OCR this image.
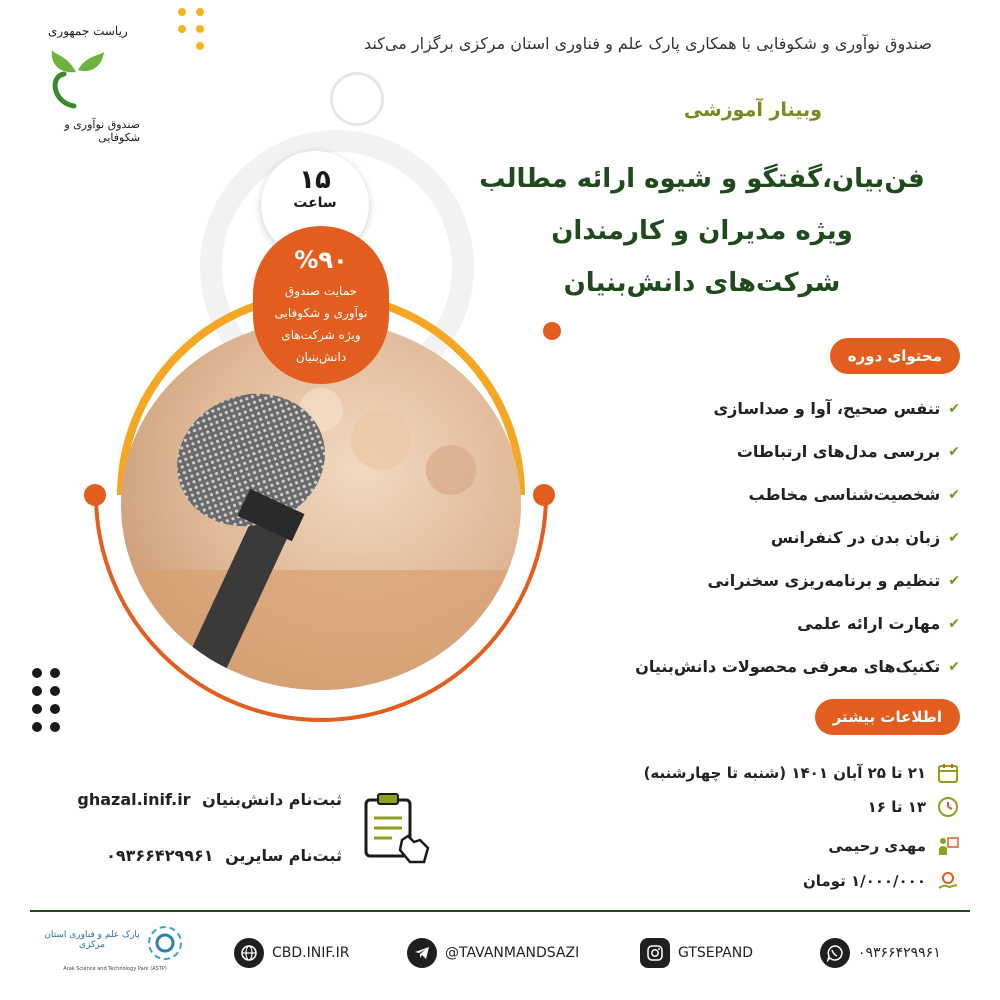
ریاست جمهوری
صندوق نوآوری و شکوفایی
صندوق نوآوری و شکوفایی با همکاری پارک علم و فناوری استان مرکزی برگزار می‌کند
وبینار آموزشی
فن‌بیان،گفتگو و شیوه ارائه مطالب
ویژه مدیران و کارمندان
شرکت‌های دانش‌بنیان
۱۵
ساعت
%۹۰
حمایت صندوق
نوآوری و شکوفایی
ویژه شرکت‌های
دانش‌بنیان	محتوای دوره
✔
تنفس صحیح، آوا و صداسازی
✔
بررسی مدل‌های ارتباطات
✔
شخصیت‌شناسی مخاطب
✔
زبان بدن در کنفرانس
✔
تنظیم و برنامه‌ریزی سخنرانی
✔
مهارت ارائه علمی
✔
تکنیک‌های معرفی محصولات دانش‌بنیان
اطلاعات بیشتر
۲۱ تا ۲۵ آبان ۱۴۰۱ (شنبه تا چهارشنبه)
۱۳ تا ۱۶
مهدی رحیمی
۱/۰۰۰/۰۰۰ تومان
ثبت‌نام دانش‌بنیان ghazal.inif.ir
ثبت‌نام سایرین ۰۹۳۶۶۴۲۹۹۶۱
پارک علم و فناوری استان مرکزی
Arak Science and Technology Park (ASTP)
CBD.INIF.IR	@TAVANMANDSAZI	GTSEPAND	۰۹۳۶۶۴۲۹۹۶۱
